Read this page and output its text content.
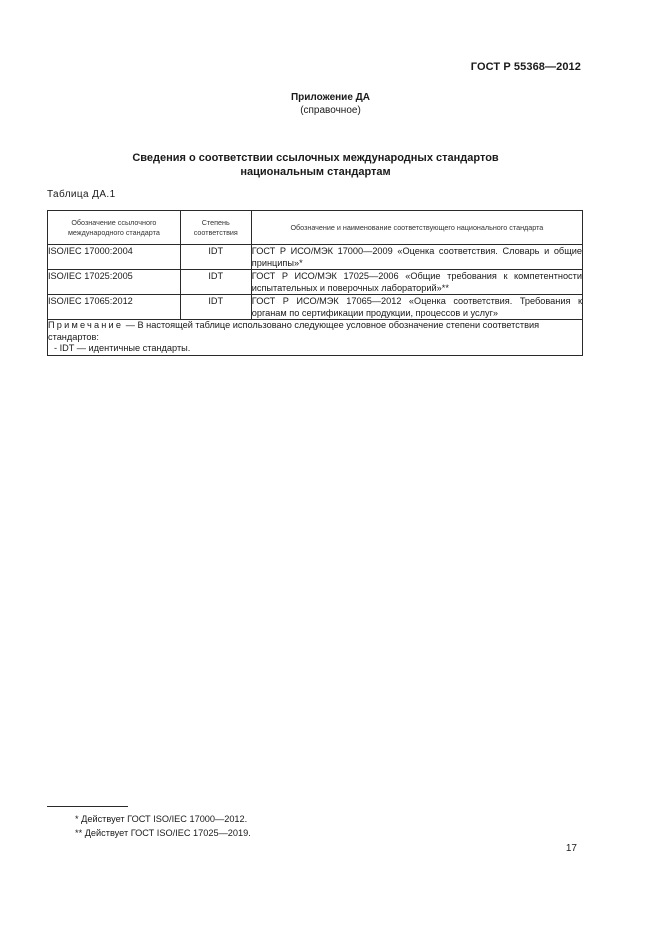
ГОСТ Р 55368—2012
Приложение ДА
(справочное)
Сведения о соответствии ссылочных международных стандартов
национальным стандартам
Таблица ДА.1
Обозначение ссылочного международного стандарта	Степень соответствия	Обозначение и наименование соответствующего национального стандарта
ISO/IEC 17000:2004	IDT	ГОСТ Р ИСО/МЭК 17000—2009 «Оценка соответствия. Словарь и общие принципы»*
ISO/IEC 17025:2005	IDT	ГОСТ Р ИСО/МЭК 17025—2006 «Общие требования к компетентности испытательных и поверочных лабораторий»**
ISO/IEC 17065:2012	IDT	ГОСТ Р ИСО/МЭК 17065—2012 «Оценка соответствия. Требования к органам по сертификации продукции, процессов и услуг»

Примечание — В настоящей таблице использовано следующее условное обозначение степени соответствия стандартов:
- IDT — идентичные стандарты.		
* Действует ГОСТ ISO/IEC 17000—2012.
** Действует ГОСТ ISO/IEC 17025—2019.
17
